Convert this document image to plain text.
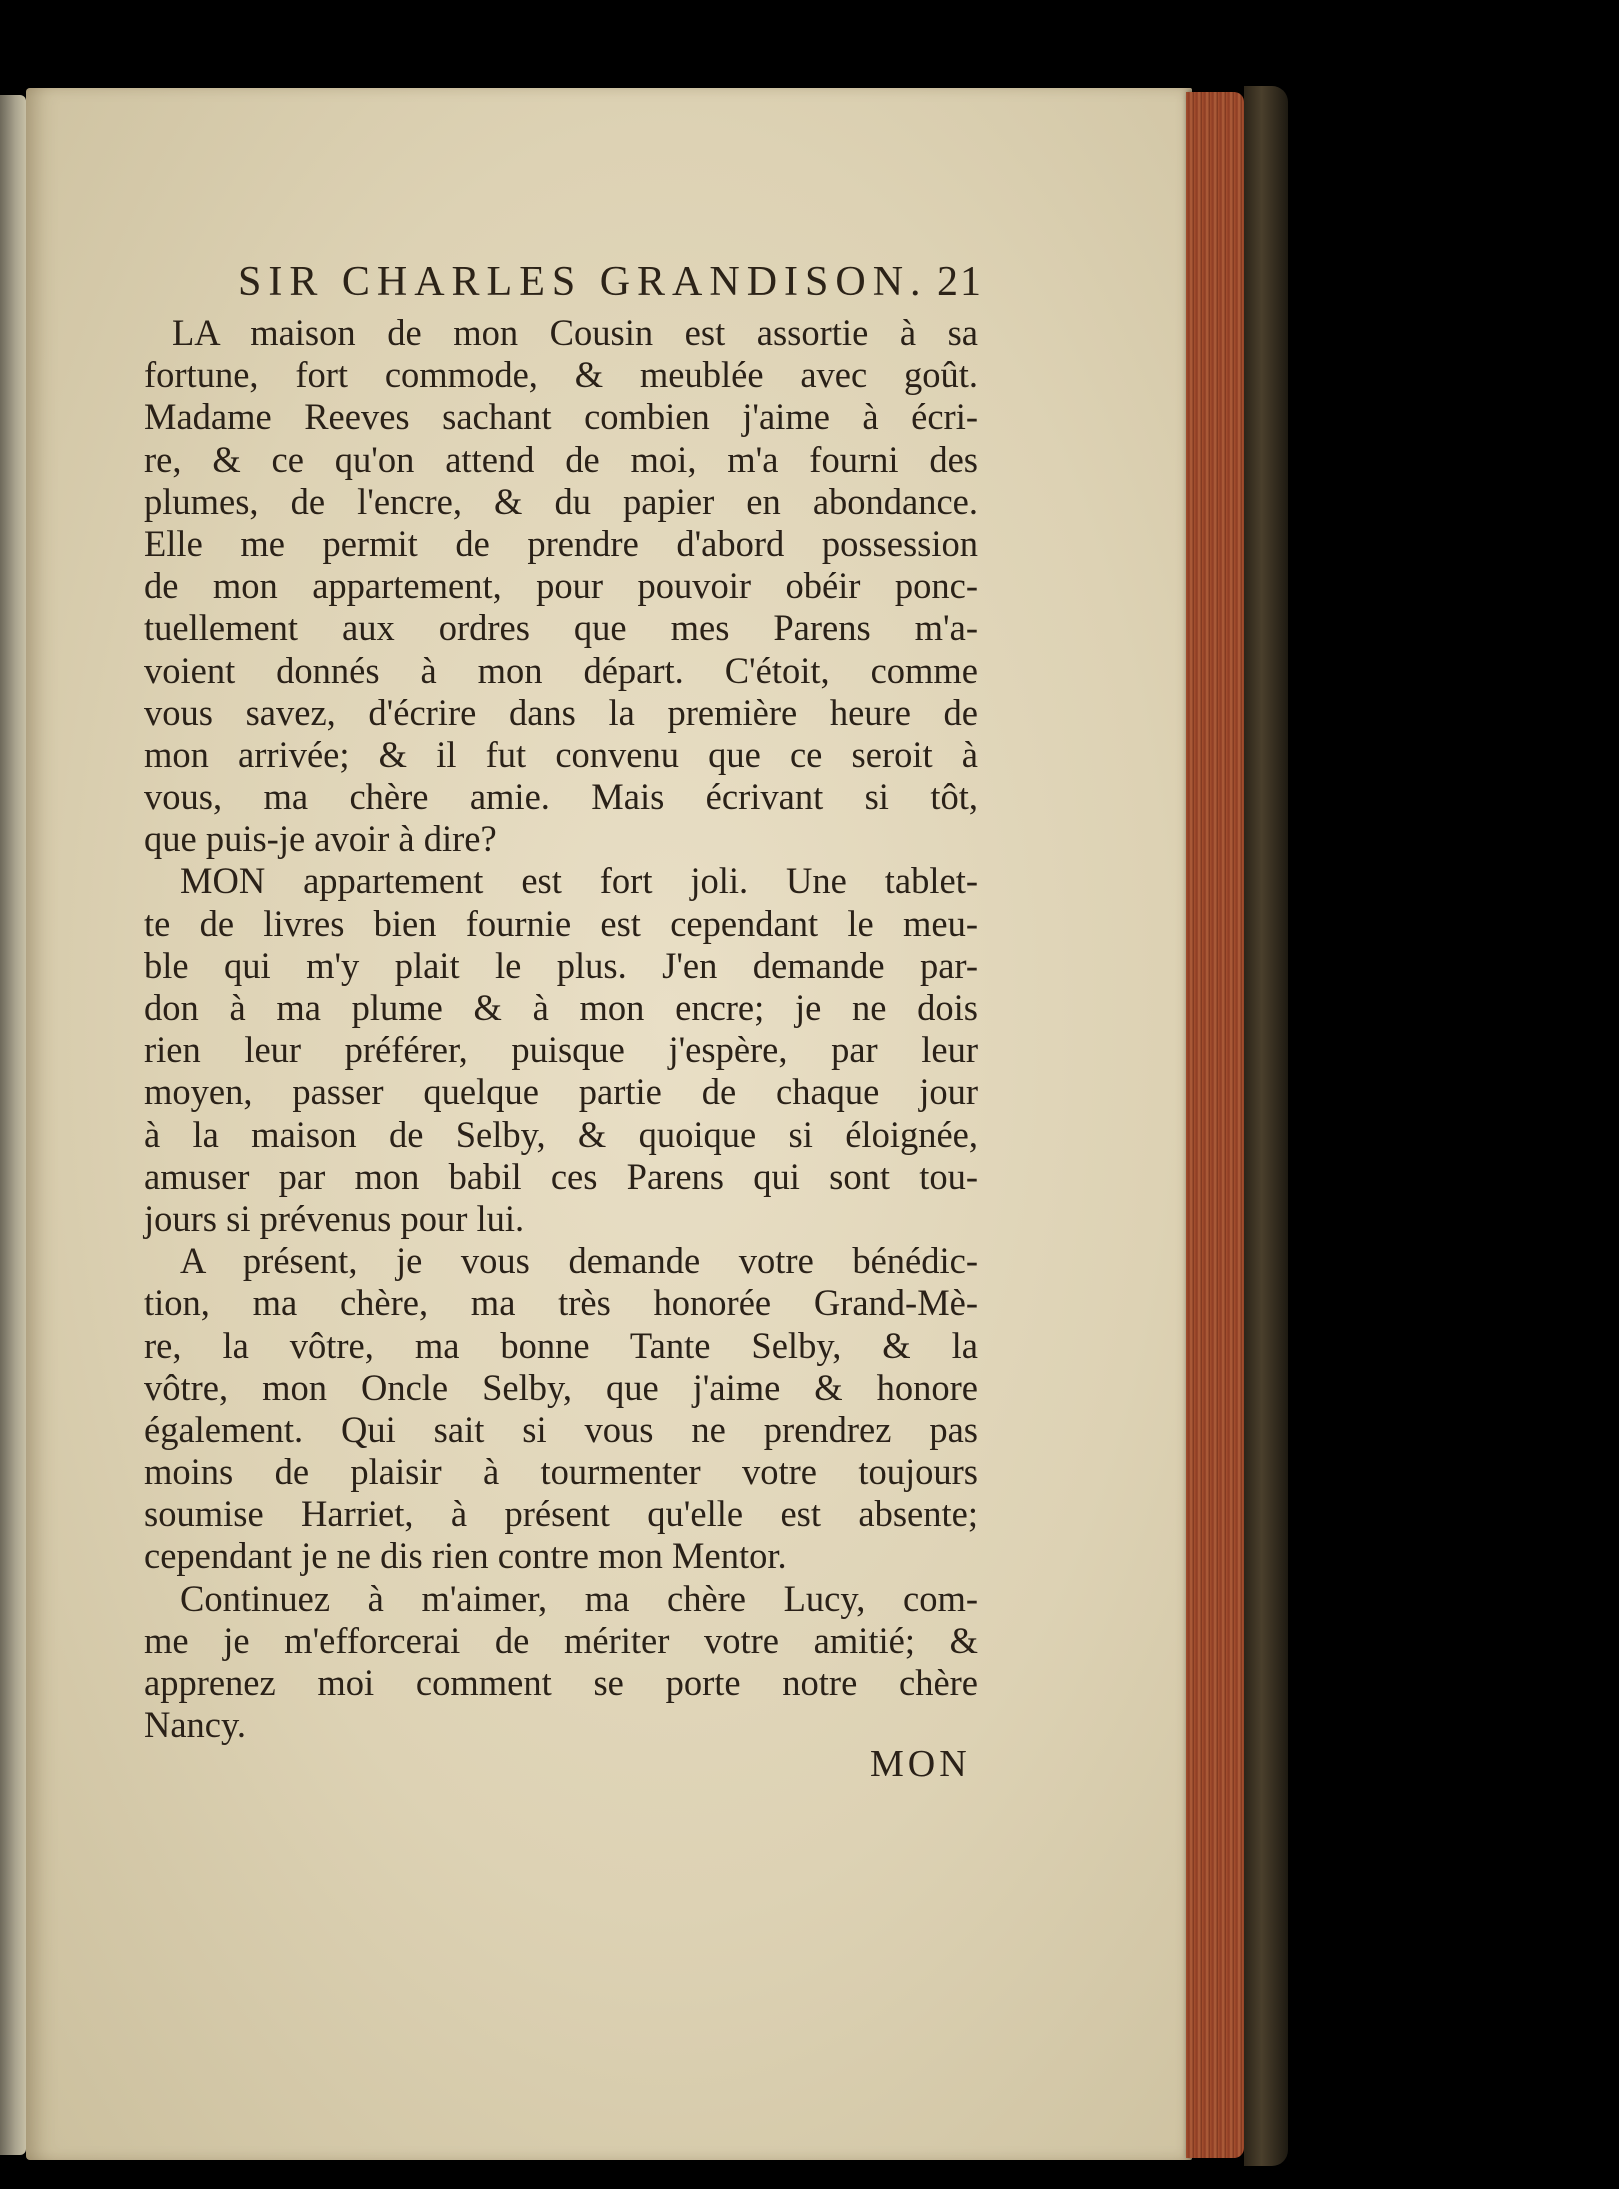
SIR CHARLES GRANDISON. 21
LA maison de mon Cousin est assortie à sa
fortune, fort commode, & meublée avec goût.
Madame Reeves sachant combien j'aime à écri-
re, & ce qu'on attend de moi, m'a fourni des
plumes, de l'encre, & du papier en abondance.
Elle me permit de prendre d'abord possession
de mon appartement, pour pouvoir obéir ponc-
tuellement aux ordres que mes Parens m'a-
voient donnés à mon départ. C'étoit, comme
vous savez, d'écrire dans la première heure de
mon arrivée; & il fut convenu que ce seroit à
vous, ma chère amie. Mais écrivant si tôt,
que puis-je avoir à dire?
MON appartement est fort joli. Une tablet-
te de livres bien fournie est cependant le meu-
ble qui m'y plait le plus. J'en demande par-
don à ma plume & à mon encre; je ne dois
rien leur préférer, puisque j'espère, par leur
moyen, passer quelque partie de chaque jour
à la maison de Selby, & quoique si éloignée,
amuser par mon babil ces Parens qui sont tou-
jours si prévenus pour lui.
A présent, je vous demande votre bénédic-
tion, ma chère, ma très honorée Grand-Mè-
re, la vôtre, ma bonne Tante Selby, & la
vôtre, mon Oncle Selby, que j'aime & honore
également. Qui sait si vous ne prendrez pas
moins de plaisir à tourmenter votre toujours
soumise Harriet, à présent qu'elle est absente;
cependant je ne dis rien contre mon Mentor.
Continuez à m'aimer, ma chère Lucy, com-
me je m'efforcerai de mériter votre amitié; &
apprenez moi comment se porte notre chère
Nancy.
MON
